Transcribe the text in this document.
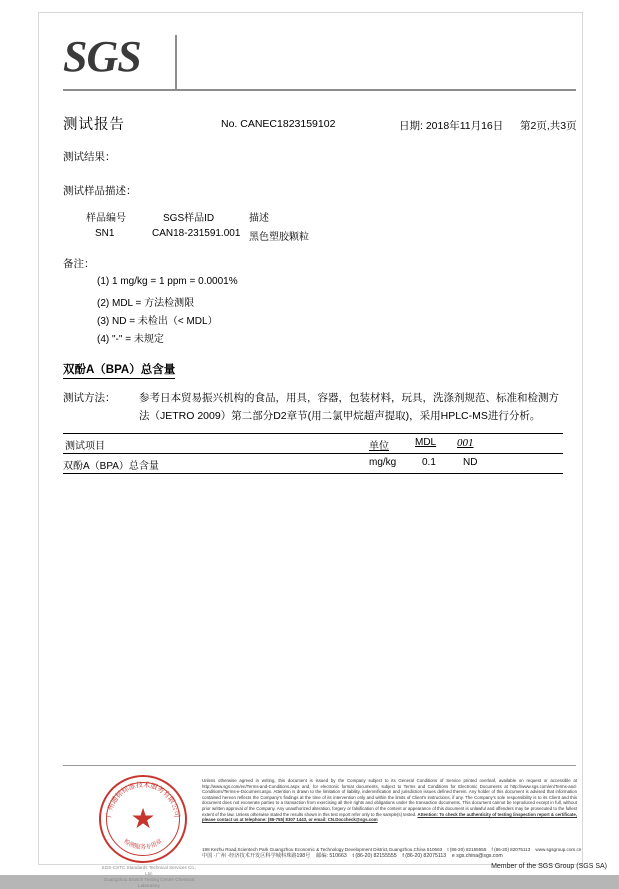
SGS
测试报告	No. CANEC1823159102	日期: 2018年11月16日 第2页,共3页
测试结果：
测试样品描述：
样品编号	SGS样品ID	描述
SN1	CAN18-231591.001 黑色塑胶颗粒
备注：
(1) 1 mg/kg = 1 ppm = 0.0001%
(2) MDL = 方法检测限
(3) ND = 未检出（< MDL）
(4) "-" = 未规定
双酚A（BPA）总含量
测试方法： 参考日本贸易振兴机构的食品，用具，容器，包装材料，玩具，洗涤剂规范、标准和检测方
法（JETRO 2009）第二部分D2章节(用二氯甲烷超声提取)，采用HPLC-MS进行分析。
测试项目	单位	MDL 001
双酚A（BPA）总含量	mg/kg	0.1	ND
★
广州通标标准技术服务有限公司
检测服务专用章
SGS-CSTC Standards Technical Services Co., Ltd.
Guangzhou Branch Testing Centre Chemical Laboratory
Unless otherwise agreed in writing, this document is issued by the Company subject to its General Conditions of Service printed overleaf, available on request or accessible at http://www.sgs.com/en/Terms-and-Conditions.aspx and, for electronic format documents, subject to Terms and Conditions for Electronic Documents at http://www.sgs.com/en/Terms-and-Conditions/Terms-e-Document.aspx. Attention is drawn to the limitation of liability, indemnification and jurisdiction issues defined therein. Any holder of this document is advised that information contained hereon reflects the Company's findings at the time of its intervention only and within the limits of Client's instructions, if any. The Company's sole responsibility is to its Client and this document does not exonerate parties to a transaction from exercising all their rights and obligations under the transaction documents. This document cannot be reproduced except in full, without prior written approval of the Company. Any unauthorized alteration, forgery or falsification of the content or appearance of this document is unlawful and offenders may be prosecuted to the fullest extent of the law. Unless otherwise stated the results shown in this test report refer only to the sample(s) tested. Attention: To check the authenticity of testing /inspection report & certificate, please contact us at telephone: (86-755) 8307 1443, or email: CN.Doccheck@sgs.com
198 Kezhu Road,Scientech Park Guangzhou Economic & Technology Development District,Guangzhou,China 510663 t (86-20) 82155555 f (86-20) 82075113 www.sgsgroup.com.cn
中国 ·广州 ·经济技术开发区科学城科珠路198号 邮编: 510663 t (86-20) 82155555 f (86-20) 82075113 e sgs.china@sgs.com
Member of the SGS Group (SGS SA)
